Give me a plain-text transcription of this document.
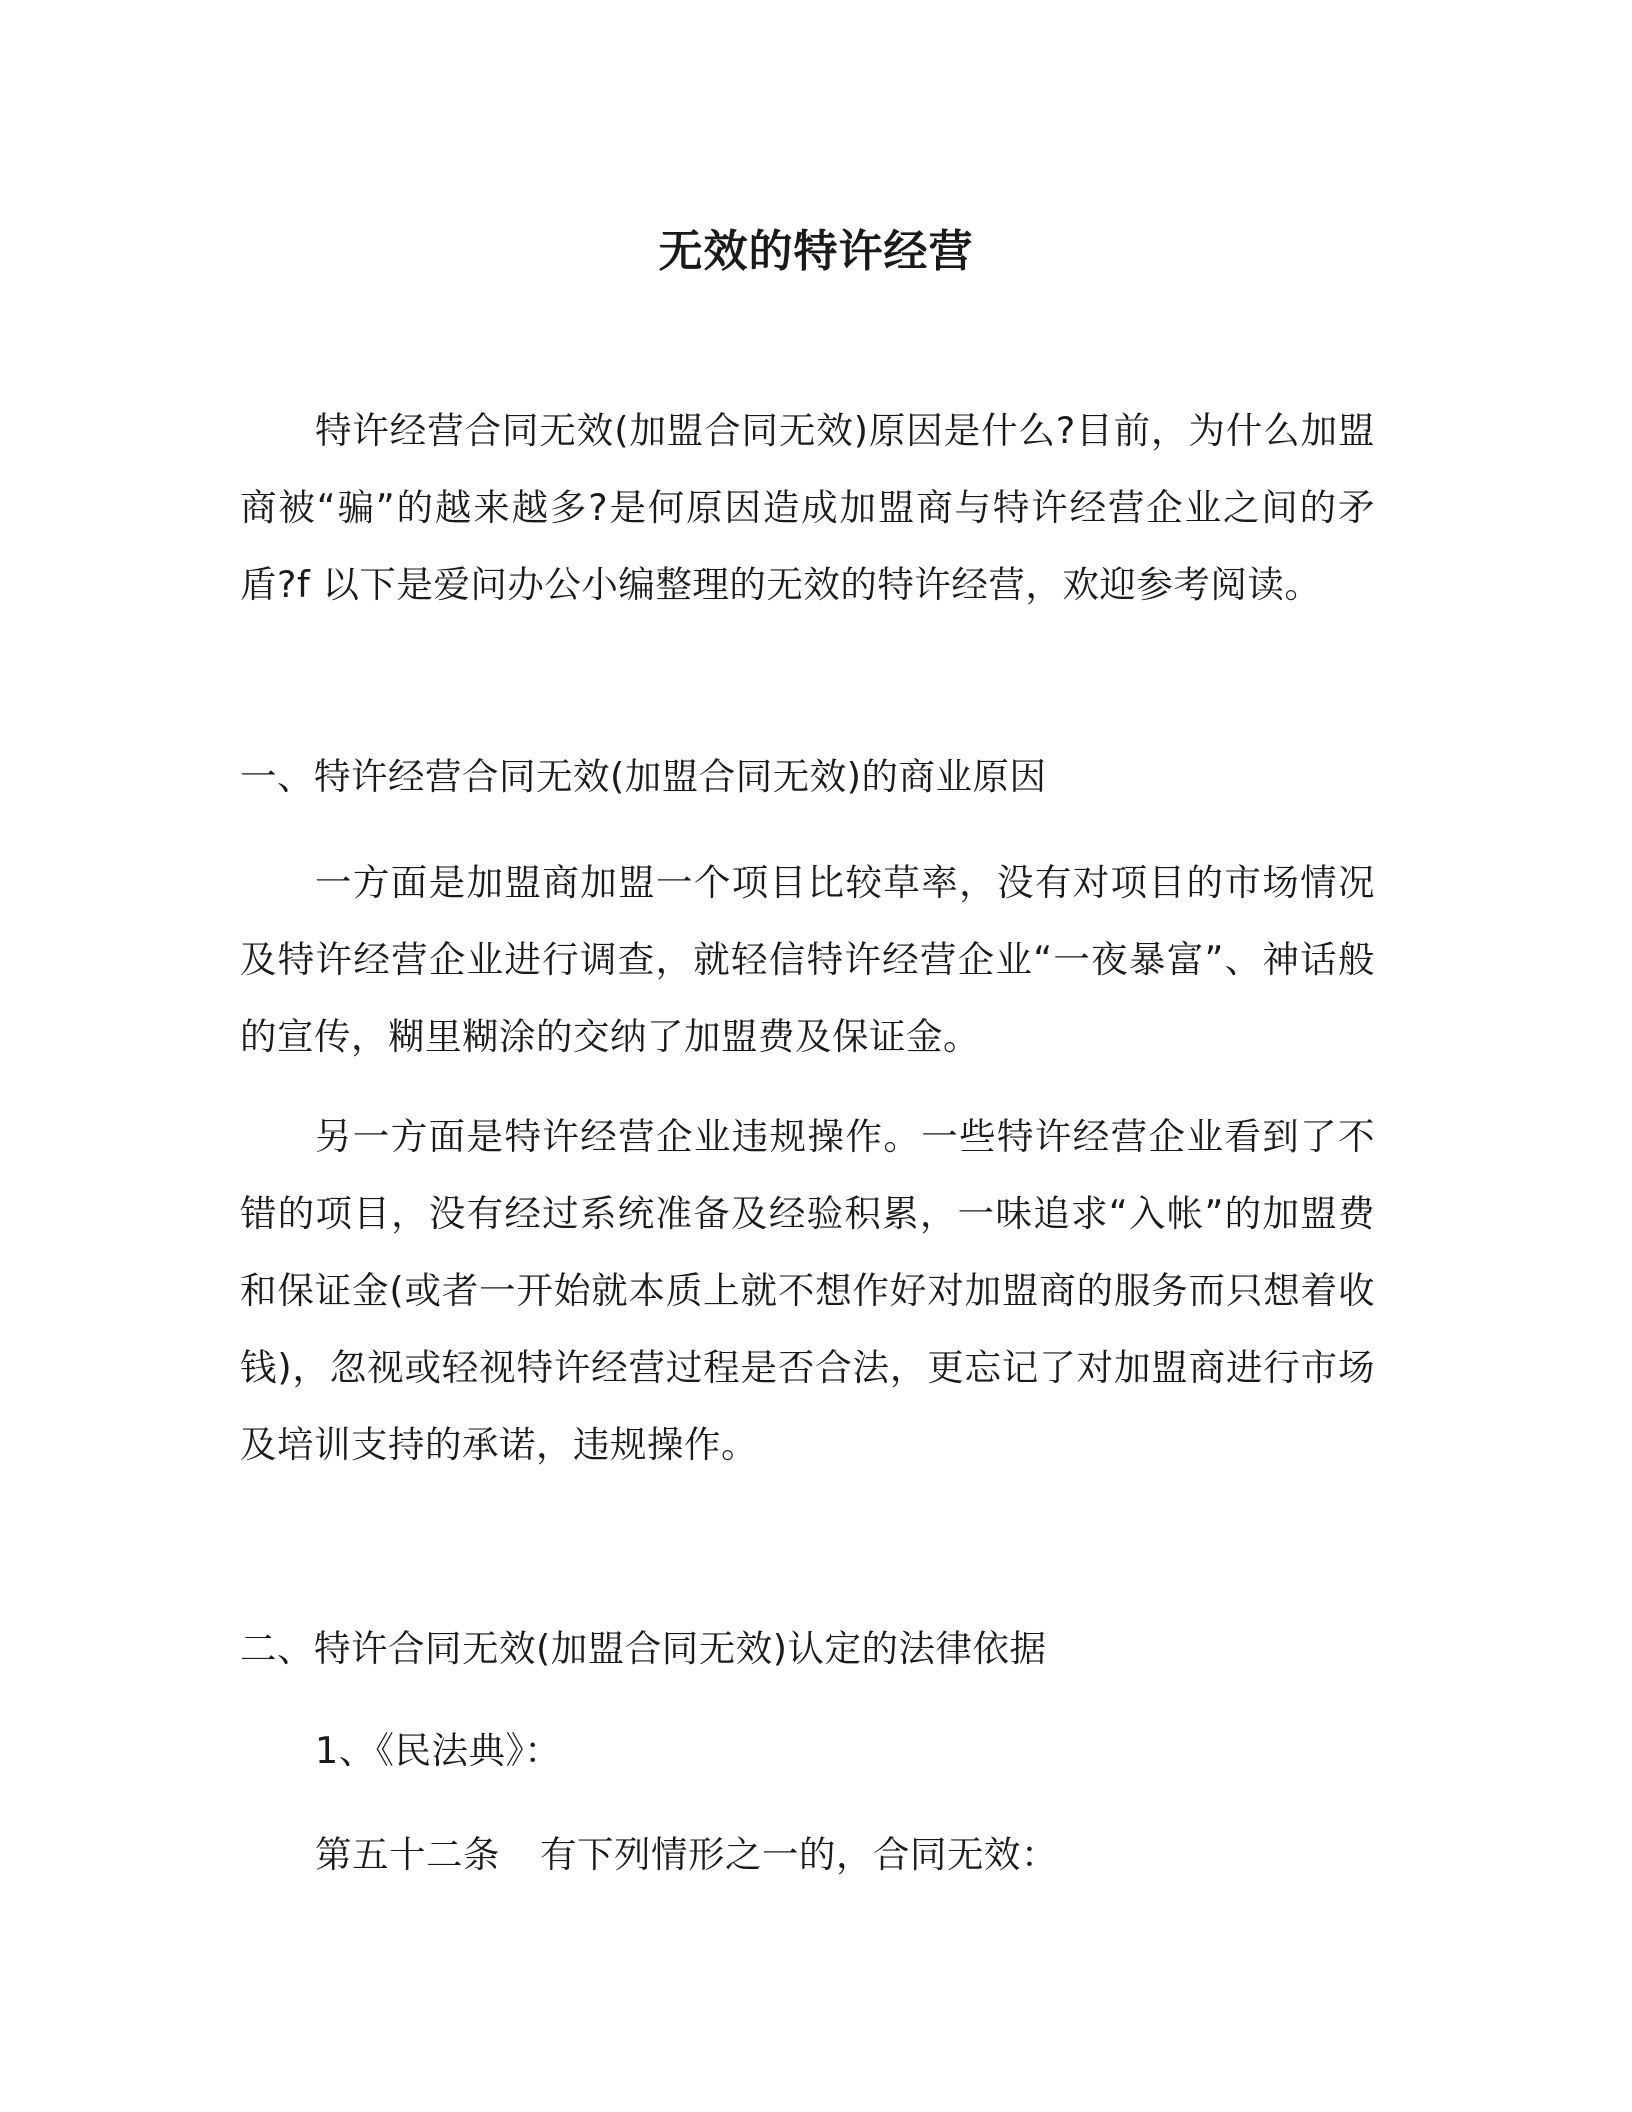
无效的特许经营

特许经营合同无效(加盟合同无效)原因是什么?目前，为什么加盟商被“骗”的越来越多?是何原因造成加盟商与特许经营企业之间的矛盾?f 以下是爱问办公小编整理的无效的特许经营，欢迎参考阅读。

一、特许经营合同无效(加盟合同无效)的商业原因

一方面是加盟商加盟一个项目比较草率，没有对项目的市场情况及特许经营企业进行调查，就轻信特许经营企业“一夜暴富”、神话般的宣传，糊里糊涂的交纳了加盟费及保证金。

另一方面是特许经营企业违规操作。一些特许经营企业看到了不错的项目，没有经过系统准备及经验积累，一味追求“入帐”的加盟费和保证金(或者一开始就本质上就不想作好对加盟商的服务而只想着收钱)，忽视或轻视特许经营过程是否合法，更忘记了对加盟商进行市场及培训支持的承诺，违规操作。

二、特许合同无效(加盟合同无效)认定的法律依据

1、《民法典》：

第五十二条 有下列情形之一的，合同无效：
